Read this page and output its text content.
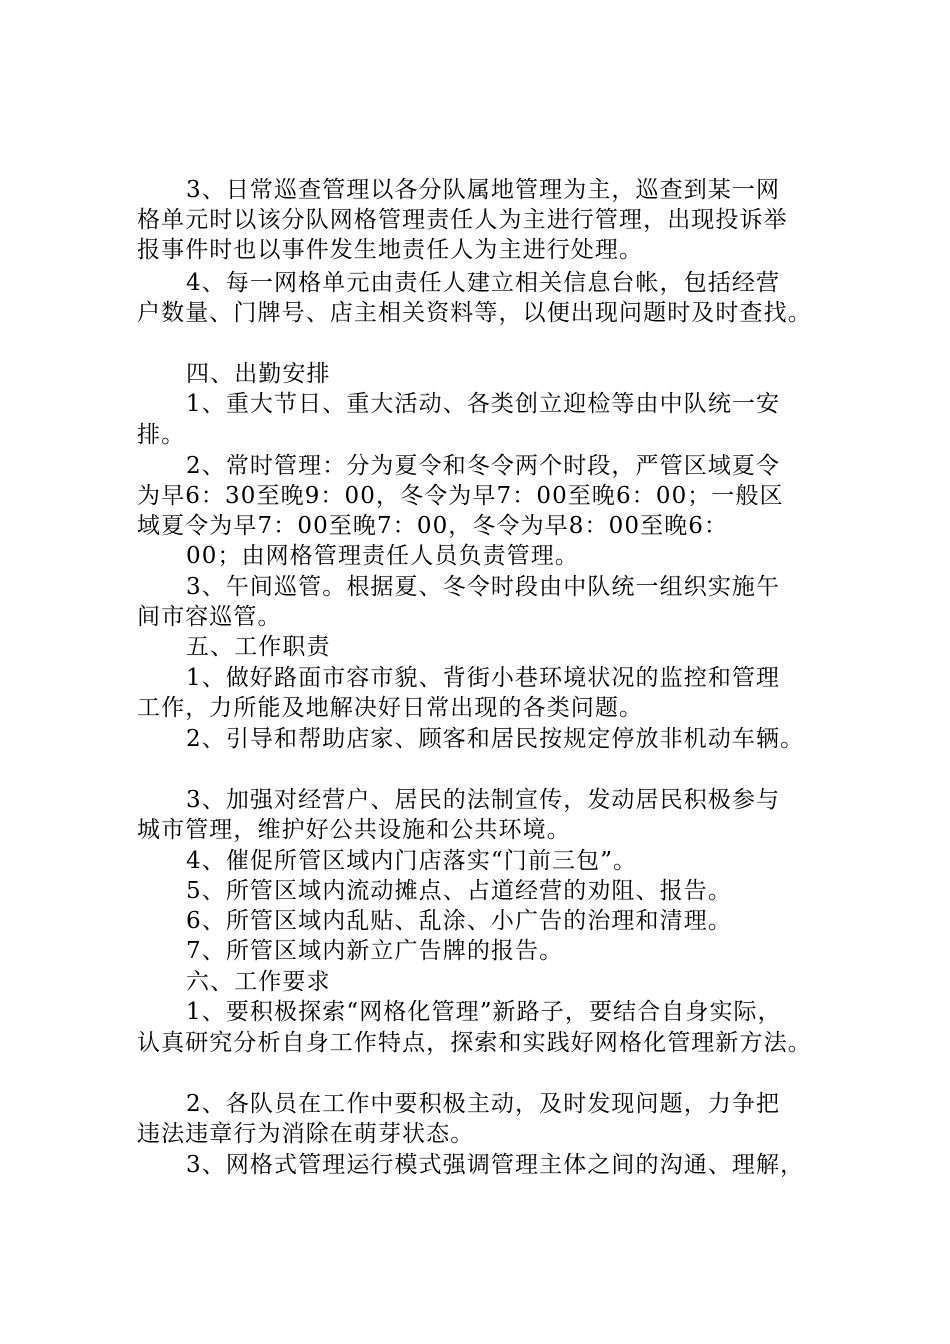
3、日常巡查管理以各分队属地管理为主，巡查到某一网
格单元时以该分队网格管理责任人为主进行管理，出现投诉举
报事件时也以事件发生地责任人为主进行处理。
4、每一网格单元由责任人建立相关信息台帐，包括经营
户数量、门牌号、店主相关资料等，以便出现问题时及时查找。
四、出勤安排
1、重大节日、重大活动、各类创立迎检等由中队统一安
排。
2、常时管理：分为夏令和冬令两个时段，严管区域夏令
为早6：30至晚9：00，冬令为早7：00至晚6：00；一般区
域夏令为早7：00至晚7：00，冬令为早8：00至晚6：
00；由网格管理责任人员负责管理。
3、午间巡管。根据夏、冬令时段由中队统一组织实施午
间市容巡管。
五、工作职责
1、做好路面市容市貌、背街小巷环境状况的监控和管理
工作，力所能及地解决好日常出现的各类问题。
2、引导和帮助店家、顾客和居民按规定停放非机动车辆。
3、加强对经营户、居民的法制宣传，发动居民积极参与
城市管理，维护好公共设施和公共环境。
4、催促所管区域内门店落实“门前三包”。
5、所管区域内流动摊点、占道经营的劝阻、报告。
6、所管区域内乱贴、乱涂、小广告的治理和清理。
7、所管区域内新立广告牌的报告。
六、工作要求
1、要积极探索“网格化管理”新路子，要结合自身实际，
认真研究分析自身工作特点，探索和实践好网格化管理新方法。
2、各队员在工作中要积极主动，及时发现问题，力争把
违法违章行为消除在萌芽状态。
3、网格式管理运行模式强调管理主体之间的沟通、理解，
